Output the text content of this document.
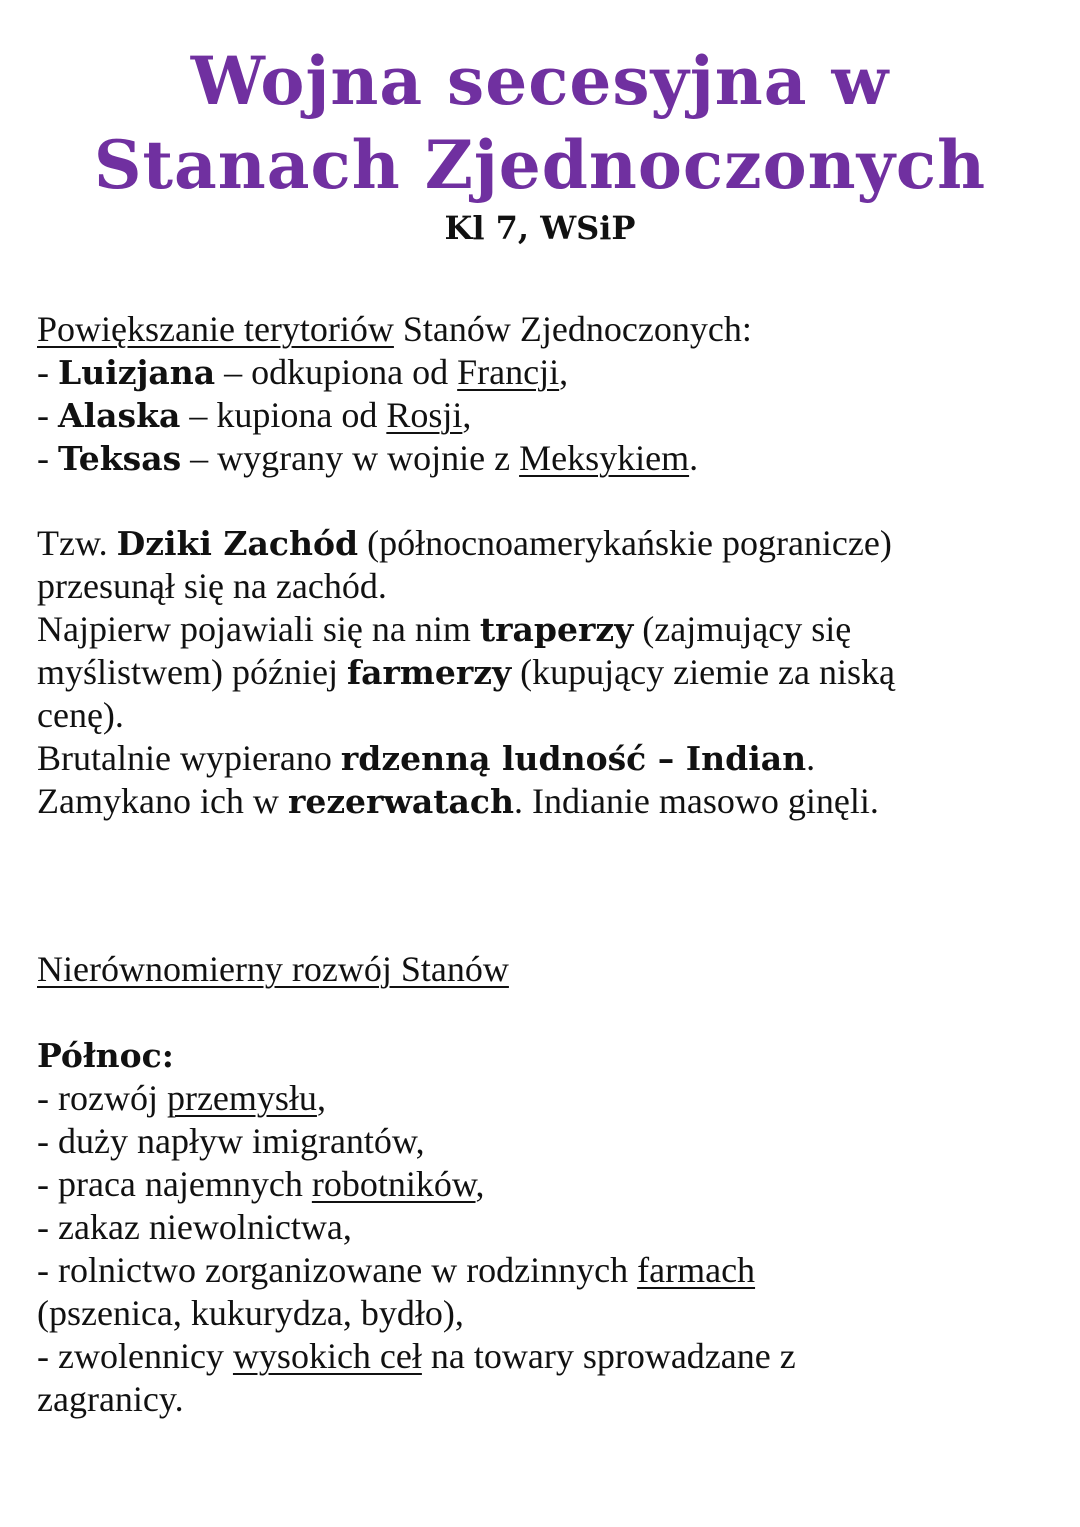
Wojna secesyjna w
Stanach Zjednoczonych
Kl 7, WSiP
Powiększanie terytoriów Stanów Zjednoczonych:
- Luizjana – odkupiona od Francji,
- Alaska – kupiona od Rosji,
- Teksas – wygrany w wojnie z Meksykiem.
Tzw. Dziki Zachód (północnoamerykańskie pogranicze)
przesunął się na zachód.
Najpierw pojawiali się na nim traperzy (zajmujący się
myślistwem) później farmerzy (kupujący ziemie za niską
cenę).
Brutalnie wypierano rdzenną ludność – Indian.
Zamykano ich w rezerwatach. Indianie masowo ginęli.
Nierównomierny rozwój Stanów
Północ:
- rozwój przemysłu,
- duży napływ imigrantów,
- praca najemnych robotników,
- zakaz niewolnictwa,
- rolnictwo zorganizowane w rodzinnych farmach
(pszenica, kukurydza, bydło),
- zwolennicy wysokich ceł na towary sprowadzane z
zagranicy.
